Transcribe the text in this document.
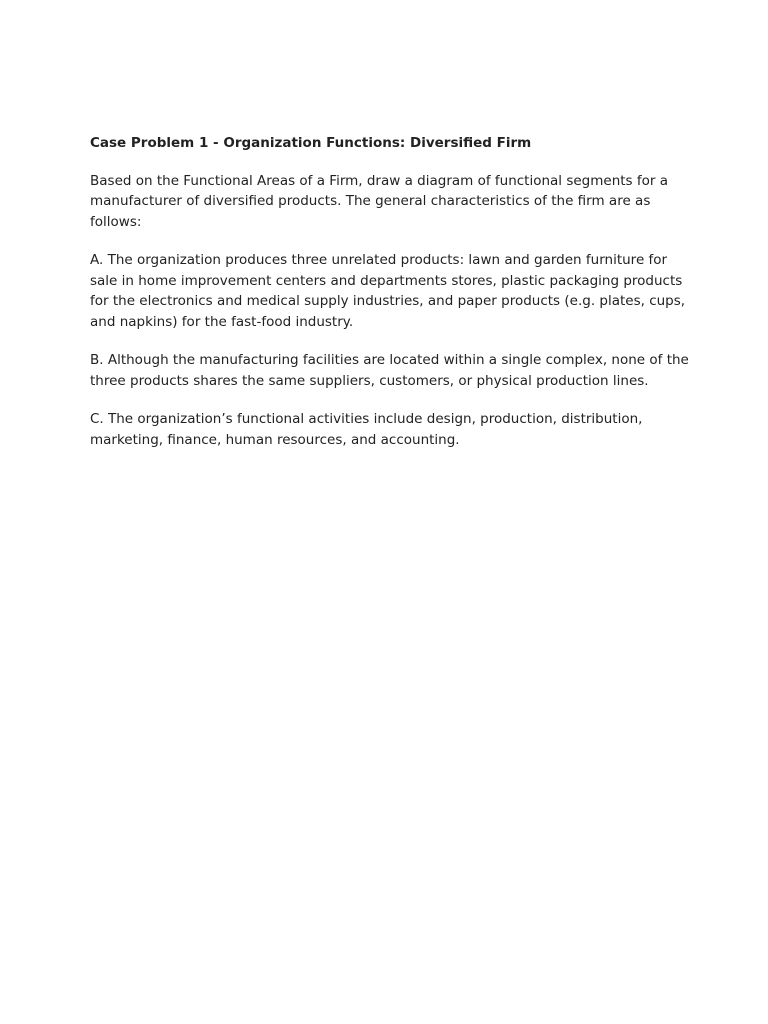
Case Problem 1 - Organization Functions: Diversified Firm

Based on the Functional Areas of a Firm, draw a diagram of functional segments for a manufacturer of diversified products. The general characteristics of the firm are as follows:

A. The organization produces three unrelated products: lawn and garden furniture for sale in home improvement centers and departments stores, plastic packaging products for the electronics and medical supply industries, and paper products (e.g. plates, cups, and napkins) for the fast-food industry.

B. Although the manufacturing facilities are located within a single complex, none of the three products shares the same suppliers, customers, or physical production lines.

C. The organization’s functional activities include design, production, distribution, marketing, finance, human resources, and accounting.
